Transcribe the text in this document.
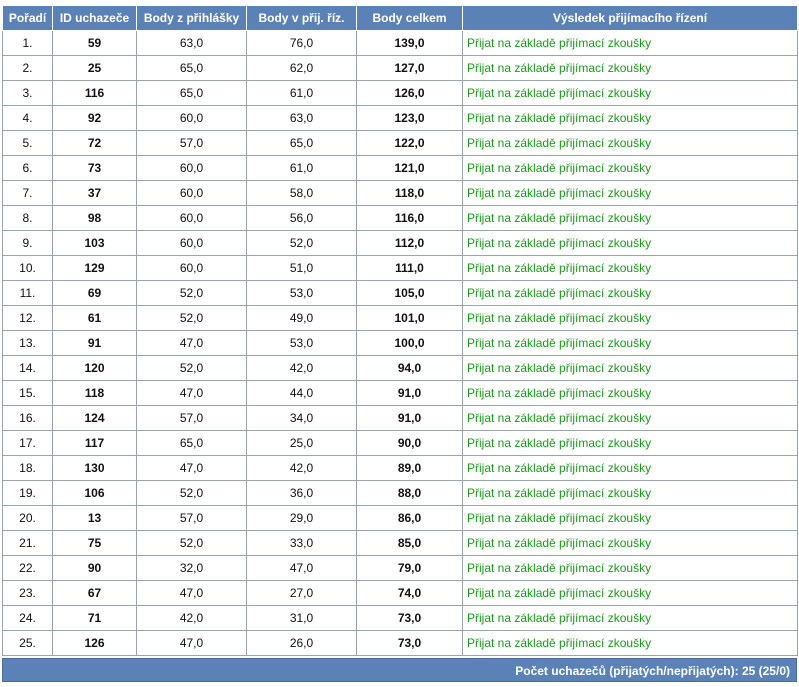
Pořadí	ID uchazeče	Body z přihlášky	Body v přij. říz.	Body celkem	Výsledek přijímacího řízení
1.	59	63,0	76,0	139,0	Přijat na základě přijímací zkoušky
2.	25	65,0	62,0	127,0	Přijat na základě přijímací zkoušky
3.	116	65,0	61,0	126,0	Přijat na základě přijímací zkoušky
4.	92	60,0	63,0	123,0	Přijat na základě přijímací zkoušky
5.	72	57,0	65,0	122,0	Přijat na základě přijímací zkoušky
6.	73	60,0	61,0	121,0	Přijat na základě přijímací zkoušky
7.	37	60,0	58,0	118,0	Přijat na základě přijímací zkoušky
8.	98	60,0	56,0	116,0	Přijat na základě přijímací zkoušky
9.	103	60,0	52,0	112,0	Přijat na základě přijímací zkoušky
10.	129	60,0	51,0	111,0	Přijat na základě přijímací zkoušky
11.	69	52,0	53,0	105,0	Přijat na základě přijímací zkoušky
12.	61	52,0	49,0	101,0	Přijat na základě přijímací zkoušky
13.	91	47,0	53,0	100,0	Přijat na základě přijímací zkoušky
14.	120	52,0	42,0	94,0	Přijat na základě přijímací zkoušky
15.	118	47,0	44,0	91,0	Přijat na základě přijímací zkoušky
16.	124	57,0	34,0	91,0	Přijat na základě přijímací zkoušky
17.	117	65,0	25,0	90,0	Přijat na základě přijímací zkoušky
18.	130	47,0	42,0	89,0	Přijat na základě přijímací zkoušky
19.	106	52,0	36,0	88,0	Přijat na základě přijímací zkoušky
20.	13	57,0	29,0	86,0	Přijat na základě přijímací zkoušky
21.	75	52,0	33,0	85,0	Přijat na základě přijímací zkoušky
22.	90	32,0	47,0	79,0	Přijat na základě přijímací zkoušky
23.	67	47,0	27,0	74,0	Přijat na základě přijímací zkoušky
24.	71	42,0	31,0	73,0	Přijat na základě přijímací zkoušky
25.	126	47,0	26,0	73,0	Přijat na základě přijímací zkoušky
Počet uchazečů (přijatých/nepřijatých): 25 (25/0)
